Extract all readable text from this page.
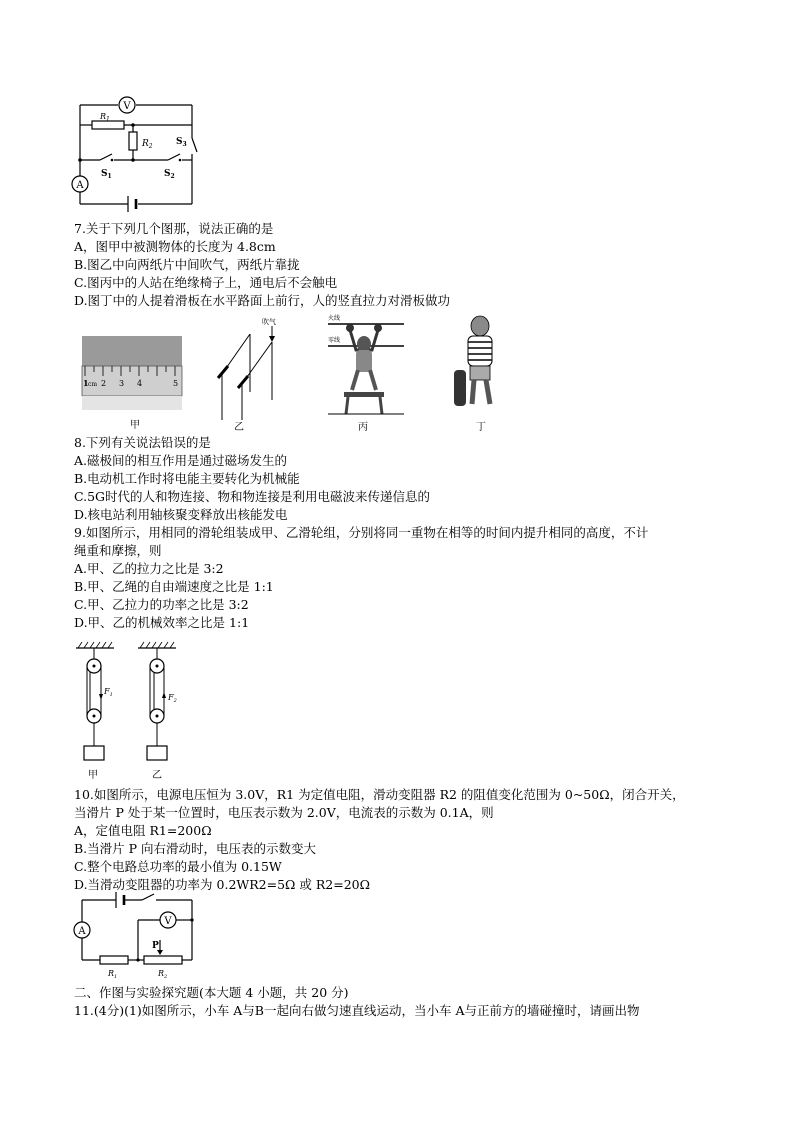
V
A
$R_1$
$R_2$	$S_3$
$S_1$	$S_2$
7.关于下列几个图那，说法正确的是
A，图甲中被测物体的长度为 4.8cm
B.图乙中向两纸片中间吹气，两纸片靠拢
C.图丙中的人站在绝缘椅子上，通电后不会触电
D.图丁中的人提着滑板在水平路面上前行，人的竖直拉力对滑板做功
1 cm 2 3 4	5
甲
吹气
乙
火线
零线
丙	丁
8.下列有关说法铅误的是
A.磁极间的相互作用是通过磁场发生的
B.电动机工作时将电能主要转化为机械能
C.5G时代的人和物连接、物和物连接是利用电磁波来传递信息的
D.核电站利用轴核聚变释放出核能发电
9.如图所示，用相同的滑轮组装成甲、乙滑轮组，分别将同一重物在相等的时间内提升相同的高度，不计
绳重和摩擦，则
A.甲、乙的拉力之比是 3:2
B.甲、乙绳的自由端速度之比是 1:1
C.甲、乙拉力的功率之比是 3:2
D.甲、乙的机械效率之比是 1:1
$F_1$
甲
$F_2$
乙
10.如图所示，电源电压恒为 3.0V，R1 为定值电阻，滑动变阻器 R2 的阻值变化范围为 0~50Ω，闭合开关，
当滑片 P 处于某一位置时，电压表示数为 2.0V，电流表的示数为 0.1A，则
A，定值电阻 R1=200Ω
B.当滑片 P 向右滑动时，电压表的示数变大
C.整个电路总功率的最小值为 0.15W
D.当滑动变阻器的功率为 0.2WR2=5Ω 或 R2=20Ω
A
V
P
$R_1$	$R_2$
二、作图与实验探究题(本大题 4 小题，共 20 分)
11.(4分)(1)如图所示，小车 A与B一起向右做匀速直线运动，当小车 A与正前方的墙碰撞时，请画出物
